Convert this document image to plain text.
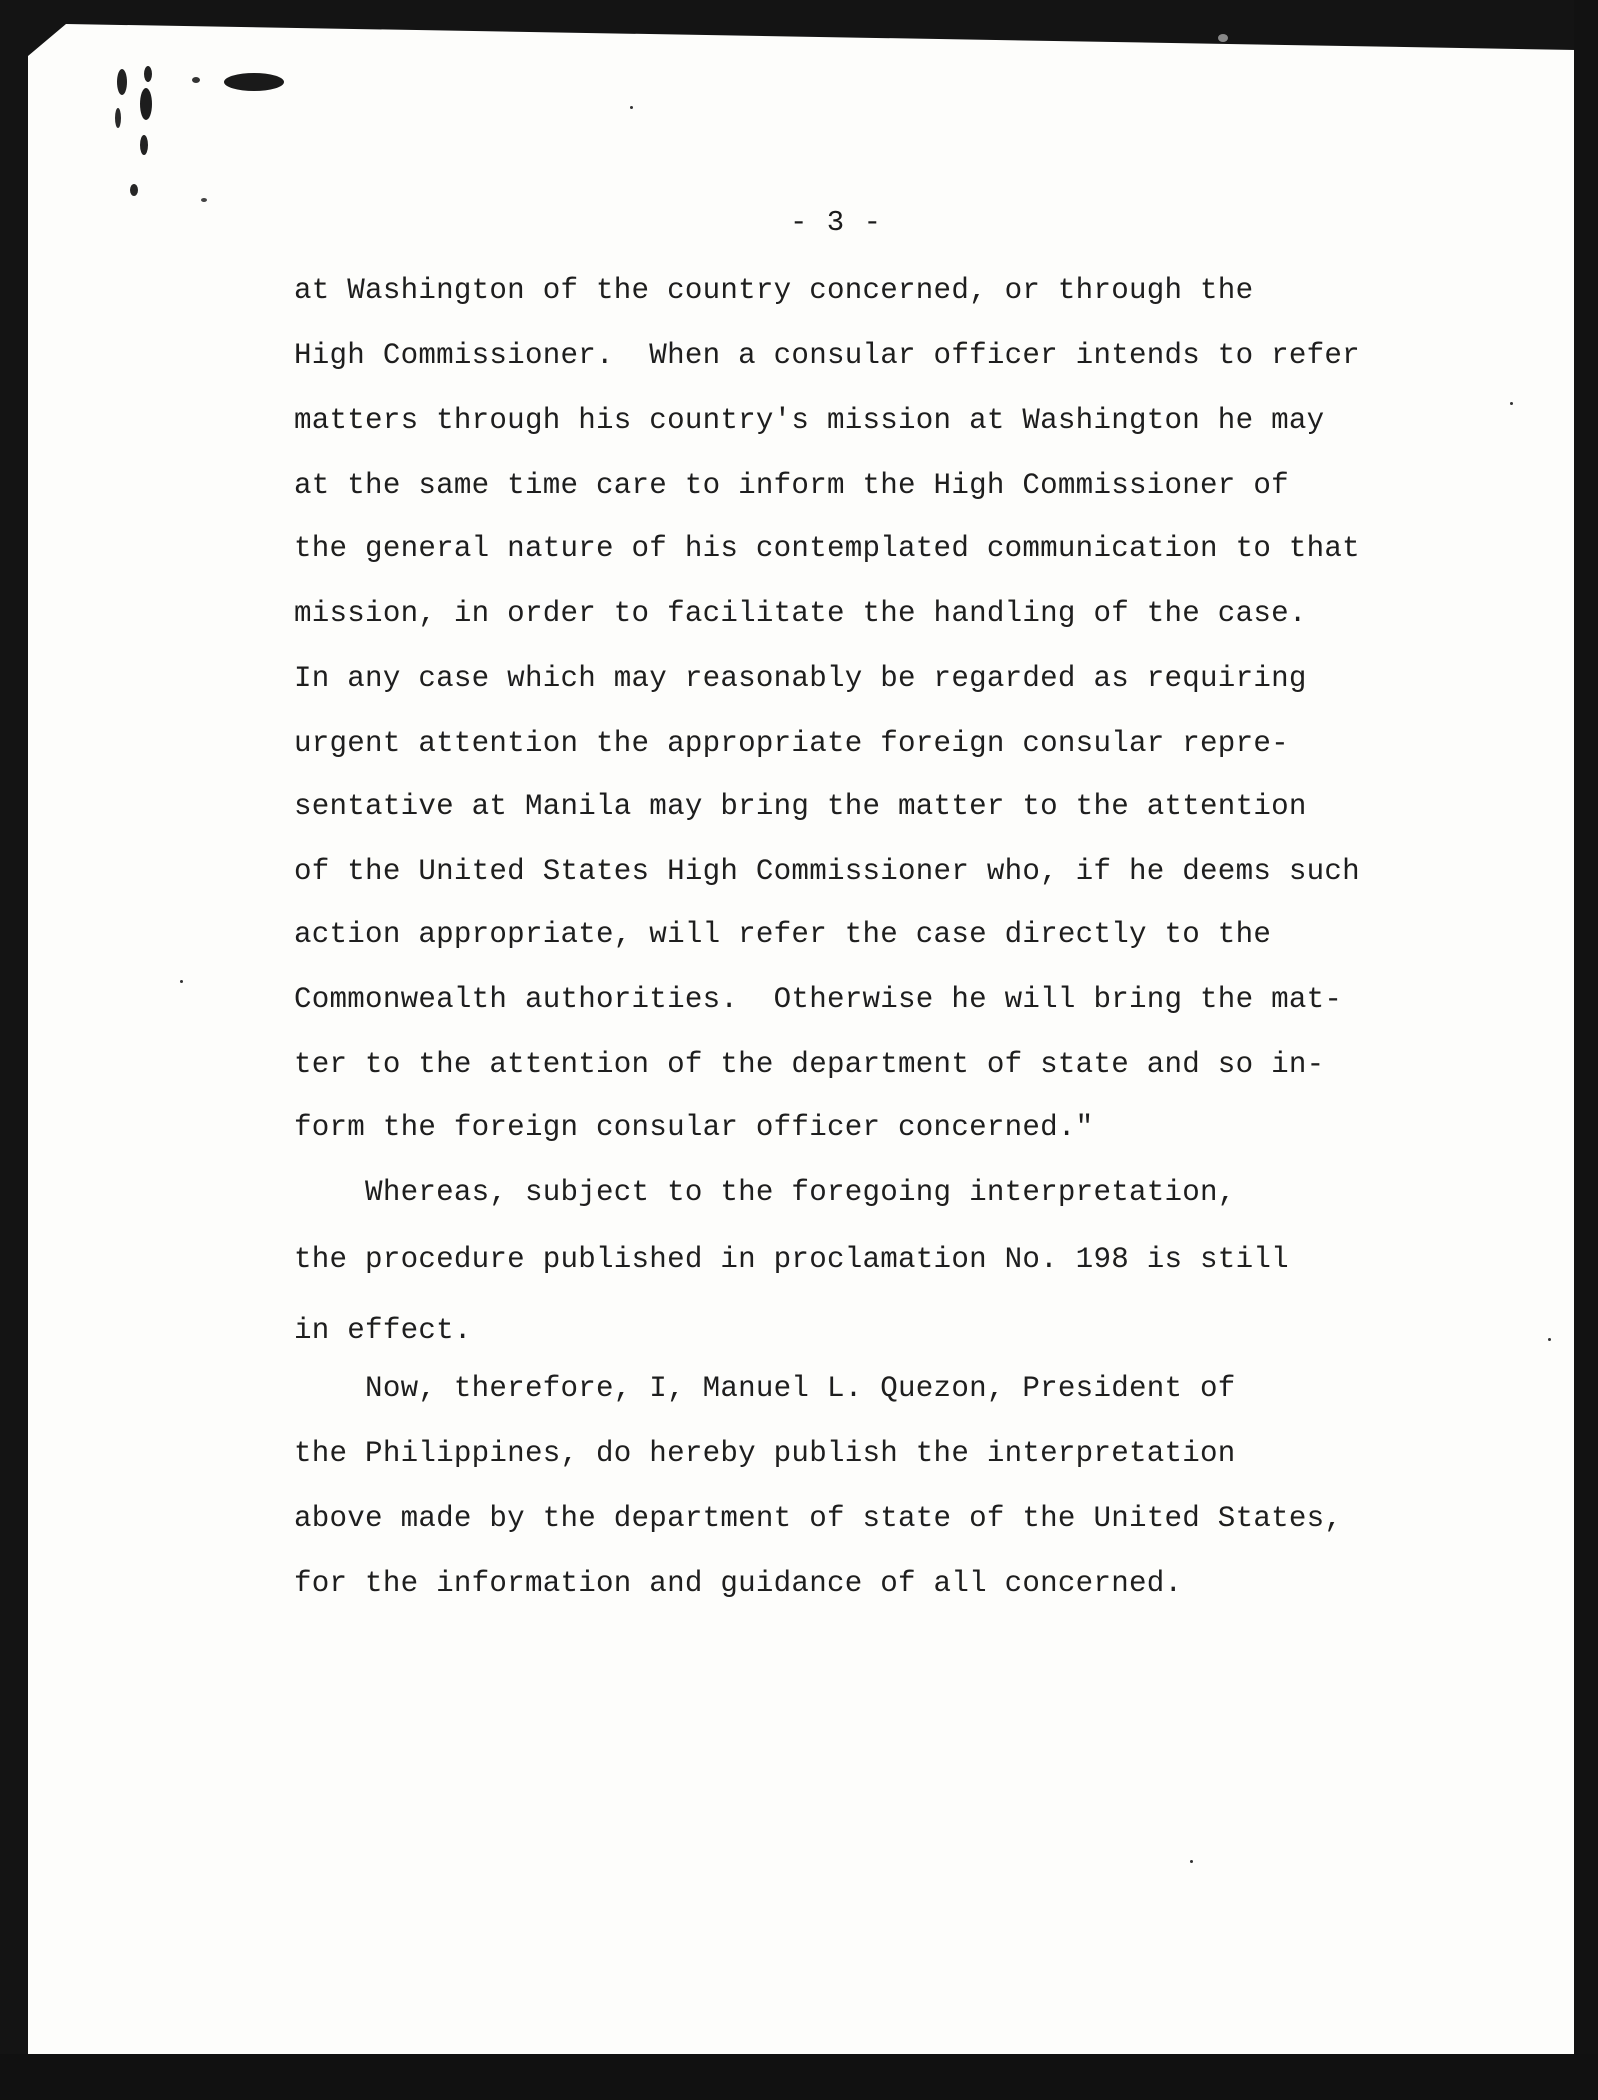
- 3 -
at Washington of the country concerned, or through the
High Commissioner.  When a consular officer intends to refer
matters through his country's mission at Washington he may
at the same time care to inform the High Commissioner of
the general nature of his contemplated communication to that
mission, in order to facilitate the handling of the case.
In any case which may reasonably be regarded as requiring
urgent attention the appropriate foreign consular repre-
sentative at Manila may bring the matter to the attention
of the United States High Commissioner who, if he deems such
action appropriate, will refer the case directly to the
Commonwealth authorities.  Otherwise he will bring the mat-
ter to the attention of the department of state and so in-
form the foreign consular officer concerned."
Whereas, subject to the foregoing interpretation,
the procedure published in proclamation No. 198 is still
in effect.
Now, therefore, I, Manuel L. Quezon, President of
the Philippines, do hereby publish the interpretation
above made by the department of state of the United States,
for the information and guidance of all concerned.
